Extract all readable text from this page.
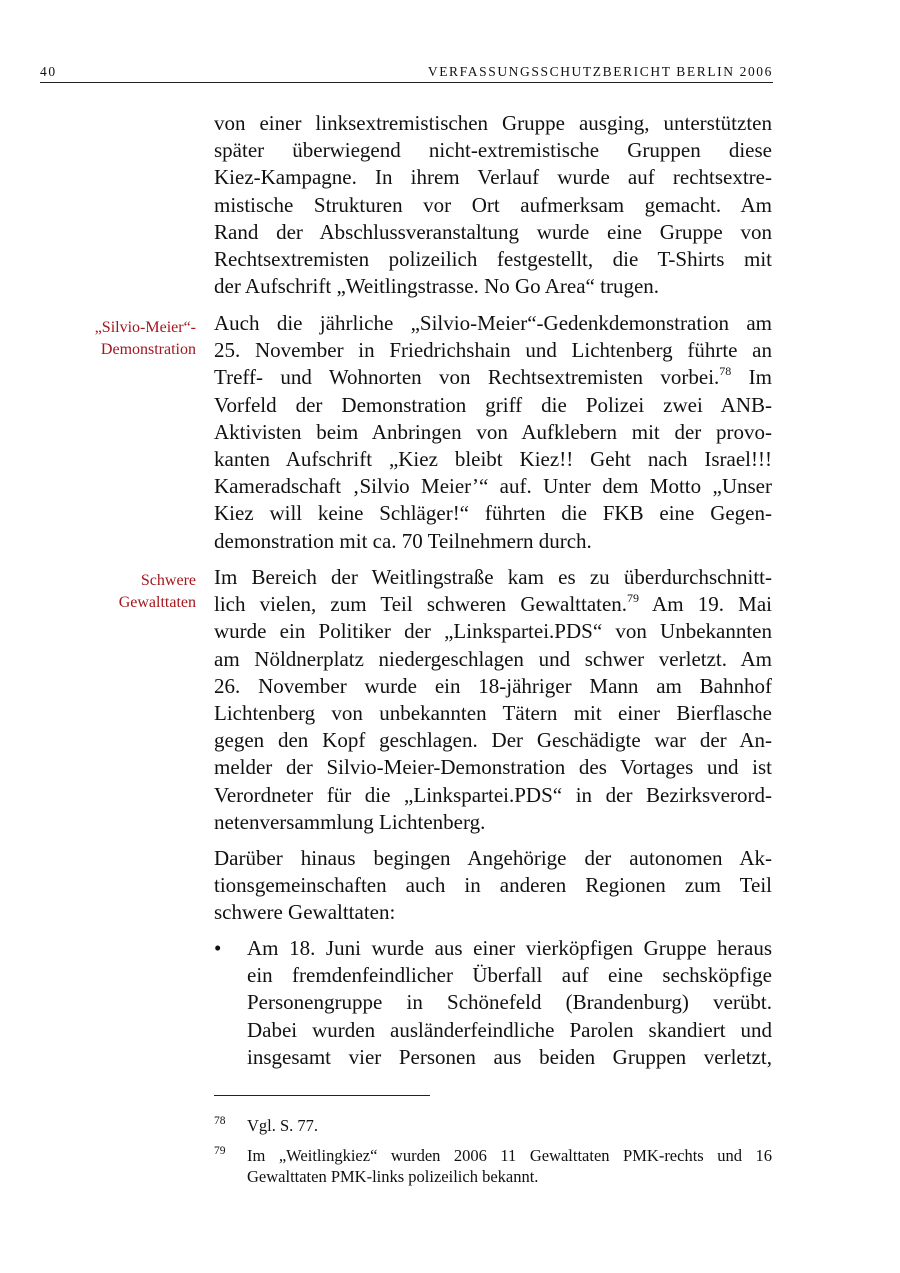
40	VERFASSUNGSSCHUTZBERICHT BERLIN 2006
von einer linksextremistischen Gruppe ausging, unterstützten
später überwiegend nicht-extremistische Gruppen diese
Kiez-Kampagne. In ihrem Verlauf wurde auf rechtsextre-
mistische Strukturen vor Ort aufmerksam gemacht. Am
Rand der Abschlussveranstaltung wurde eine Gruppe von
Rechtsextremisten polizeilich festgestellt, die T-Shirts mit
der Aufschrift „Weitlingstrasse. No Go Area“ trugen.
„Silvio-Meier“-
Demonstration
Auch die jährliche „Silvio-Meier“-Gedenkdemonstration am
25. November in Friedrichshain und Lichtenberg führte an
Treff- und Wohnorten von Rechtsextremisten vorbei.$^{78}$ Im
Vorfeld der Demonstration griff die Polizei zwei ANB-
Aktivisten beim Anbringen von Aufklebern mit der provo-
kanten Aufschrift „Kiez bleibt Kiez!! Geht nach Israel!!!
Kameradschaft ‚Silvio Meier’“ auf. Unter dem Motto „Unser
Kiez will keine Schläger!“ führten die FKB eine Gegen-
demonstration mit ca. 70 Teilnehmern durch.
Schwere
Gewalttaten
Im Bereich der Weitlingstraße kam es zu überdurchschnitt-
lich vielen, zum Teil schweren Gewalttaten.$^{79}$ Am 19. Mai
wurde ein Politiker der „Linkspartei.PDS“ von Unbekannten
am Nöldnerplatz niedergeschlagen und schwer verletzt. Am
26. November wurde ein 18-jähriger Mann am Bahnhof
Lichtenberg von unbekannten Tätern mit einer Bierflasche
gegen den Kopf geschlagen. Der Geschädigte war der An-
melder der Silvio-Meier-Demonstration des Vortages und ist
Verordneter für die „Linkspartei.PDS“ in der Bezirksverord-
netenversammlung Lichtenberg.
Darüber hinaus begingen Angehörige der autonomen Ak-
tionsgemeinschaften auch in anderen Regionen zum Teil
schwere Gewalttaten:
• Am 18. Juni wurde aus einer vierköpfigen Gruppe heraus
ein fremdenfeindlicher Überfall auf eine sechsköpfige
Personengruppe in Schönefeld (Brandenburg) verübt.
Dabei wurden ausländerfeindliche Parolen skandiert und
insgesamt vier Personen aus beiden Gruppen verletzt,
78 Vgl. S. 77.
79 Im „Weitlingkiez“ wurden 2006 11 Gewalttaten PMK-rechts und 16
Gewalttaten PMK-links polizeilich bekannt.
